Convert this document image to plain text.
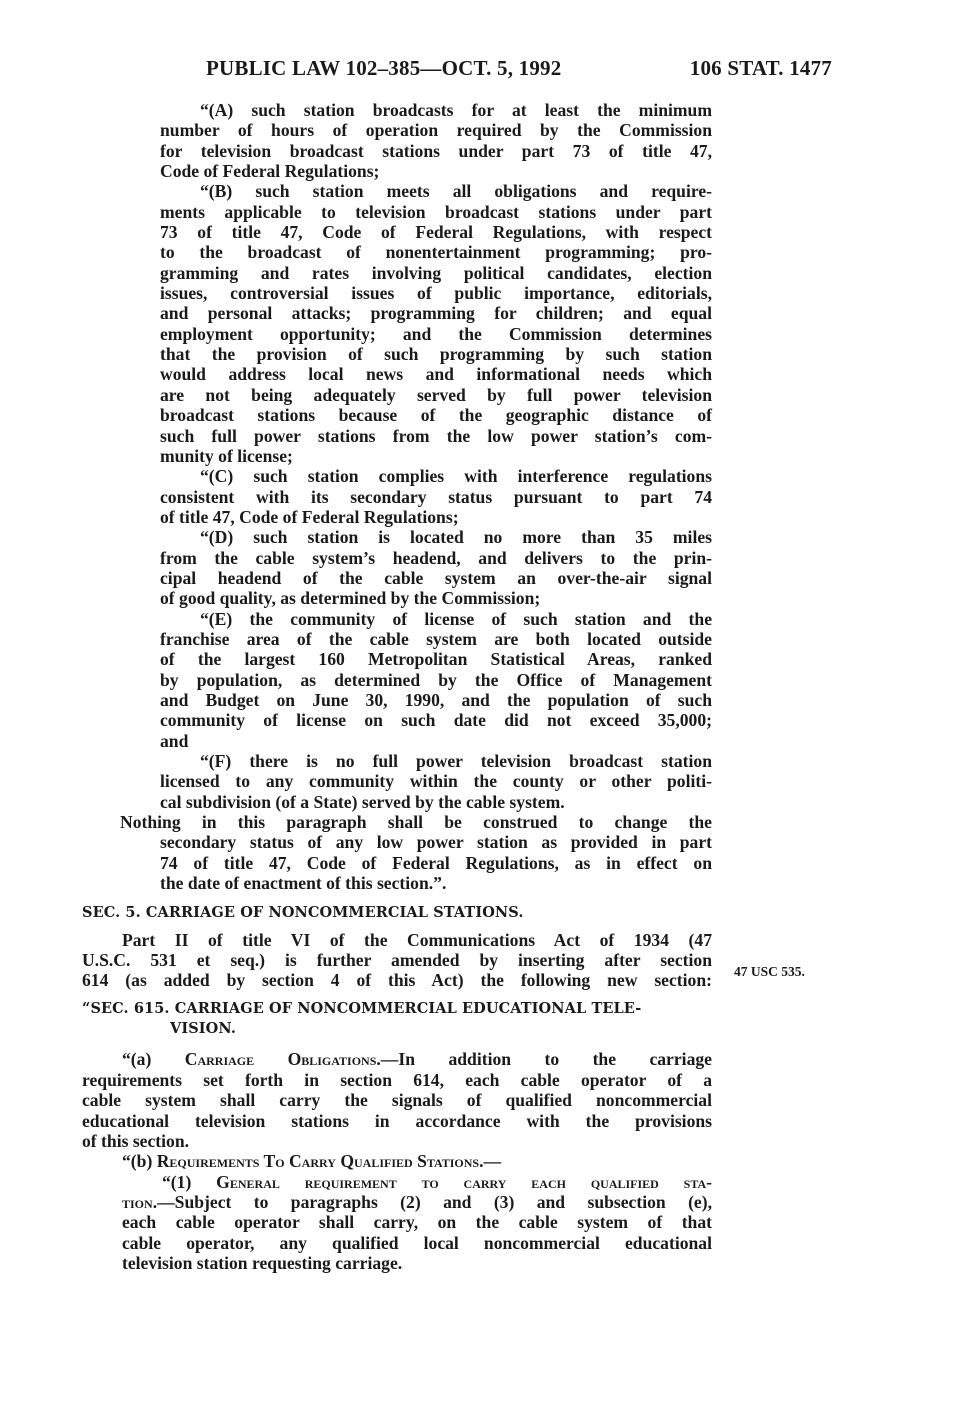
PUBLIC LAW 102–385—OCT. 5, 1992	106 STAT. 1477
47 USC 535.
“(A) such station broadcasts for at least the minimum
number of hours of operation required by the Commission
for television broadcast stations under part 73 of title 47,
Code of Federal Regulations;
“(B) such station meets all obligations and require-
ments applicable to television broadcast stations under part
73 of title 47, Code of Federal Regulations, with respect
to the broadcast of nonentertainment programming; pro-
gramming and rates involving political candidates, election
issues, controversial issues of public importance, editorials,
and personal attacks; programming for children; and equal
employment opportunity; and the Commission determines
that the provision of such programming by such station
would address local news and informational needs which
are not being adequately served by full power television
broadcast stations because of the geographic distance of
such full power stations from the low power station’s com-
munity of license;
“(C) such station complies with interference regulations
consistent with its secondary status pursuant to part 74
of title 47, Code of Federal Regulations;
“(D) such station is located no more than 35 miles
from the cable system’s headend, and delivers to the prin-
cipal headend of the cable system an over-the-air signal
of good quality, as determined by the Commission;
“(E) the community of license of such station and the
franchise area of the cable system are both located outside
of the largest 160 Metropolitan Statistical Areas, ranked
by population, as determined by the Office of Management
and Budget on June 30, 1990, and the population of such
community of license on such date did not exceed 35,000;
and
“(F) there is no full power television broadcast station
licensed to any community within the county or other politi-
cal subdivision (of a State) served by the cable system.
Nothing in this paragraph shall be construed to change the
secondary status of any low power station as provided in part
74 of title 47, Code of Federal Regulations, as in effect on
the date of enactment of this section.”.
SEC. 5. CARRIAGE OF NONCOMMERCIAL STATIONS.
Part II of title VI of the Communications Act of 1934 (47
U.S.C. 531 et seq.) is further amended by inserting after section
614 (as added by section 4 of this Act) the following new section:
“SEC. 615. CARRIAGE OF NONCOMMERCIAL EDUCATIONAL TELE-
VISION.
“(a) Carriage Obligations.—In addition to the carriage
requirements set forth in section 614, each cable operator of a
cable system shall carry the signals of qualified noncommercial
educational television stations in accordance with the provisions
of this section.
“(b) Requirements To Carry Qualified Stations.—
“(1) General requirement to carry each qualified sta-
tion.—Subject to paragraphs (2) and (3) and subsection (e),
each cable operator shall carry, on the cable system of that
cable operator, any qualified local noncommercial educational
television station requesting carriage.
